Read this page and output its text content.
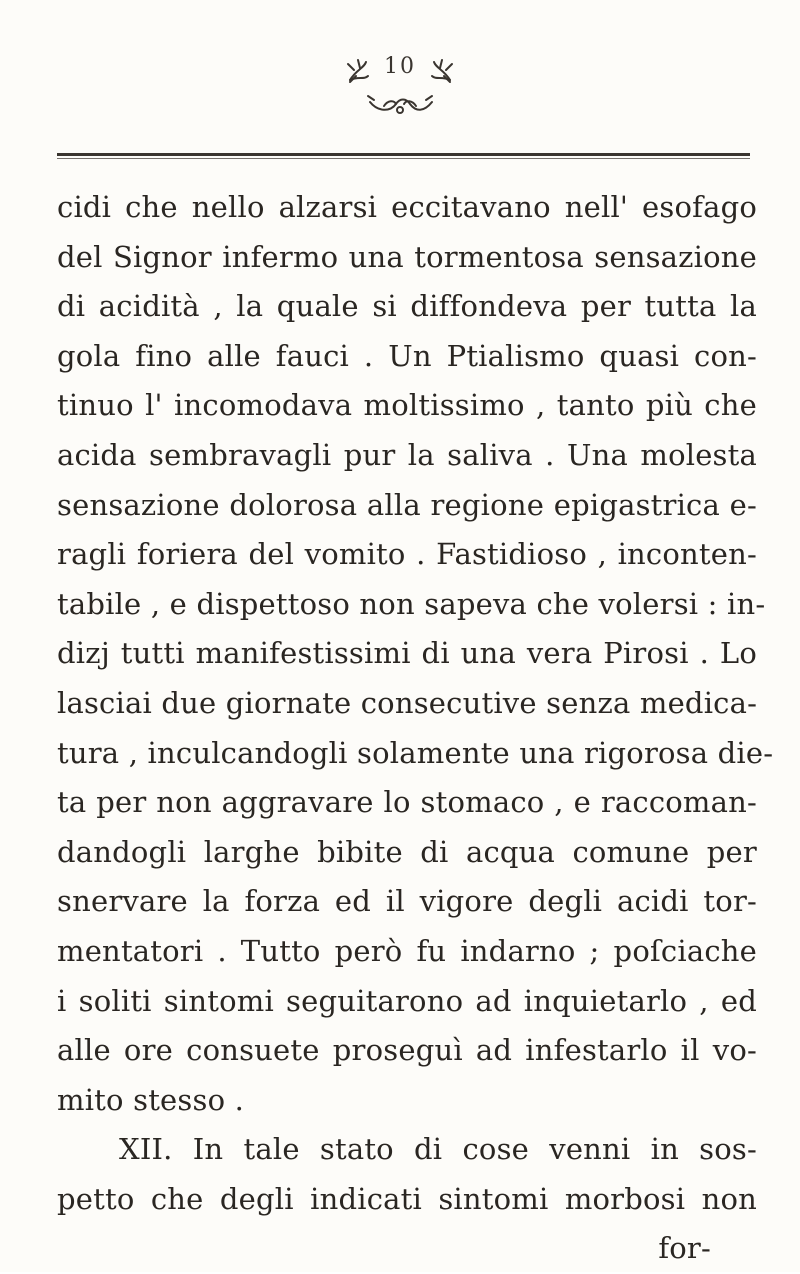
10
cidi che nello alzarsi eccitavano nell' esofago
del Signor infermo una tormentosa sensazione
di acidità , la quale si diffondeva per tutta la
gola fino alle fauci . Un Ptialismo quasi con-
tinuo l' incomodava moltissimo , tanto più che
acida sembravagli pur la saliva . Una molesta
sensazione dolorosa alla regione epigastrica e-
ragli foriera del vomito . Fastidioso , inconten-
tabile , e dispettoso non sapeva che volersi : in-
dizj tutti manifestissimi di una vera Pirosi . Lo
lasciai due giornate consecutive senza medica-
tura , inculcandogli solamente una rigorosa die-
ta per non aggravare lo stomaco , e raccoman-
dandogli larghe bibite di acqua comune per
snervare la forza ed il vigore degli acidi tor-
mentatori . Tutto però fu indarno ; poſciache
i soliti sintomi seguitarono ad inquietarlo , ed
alle ore consuete proseguì ad infestarlo il vo-
mito stesso .
XII. In tale stato di cose venni in sos-
petto che degli indicati sintomi morbosi non
for-
